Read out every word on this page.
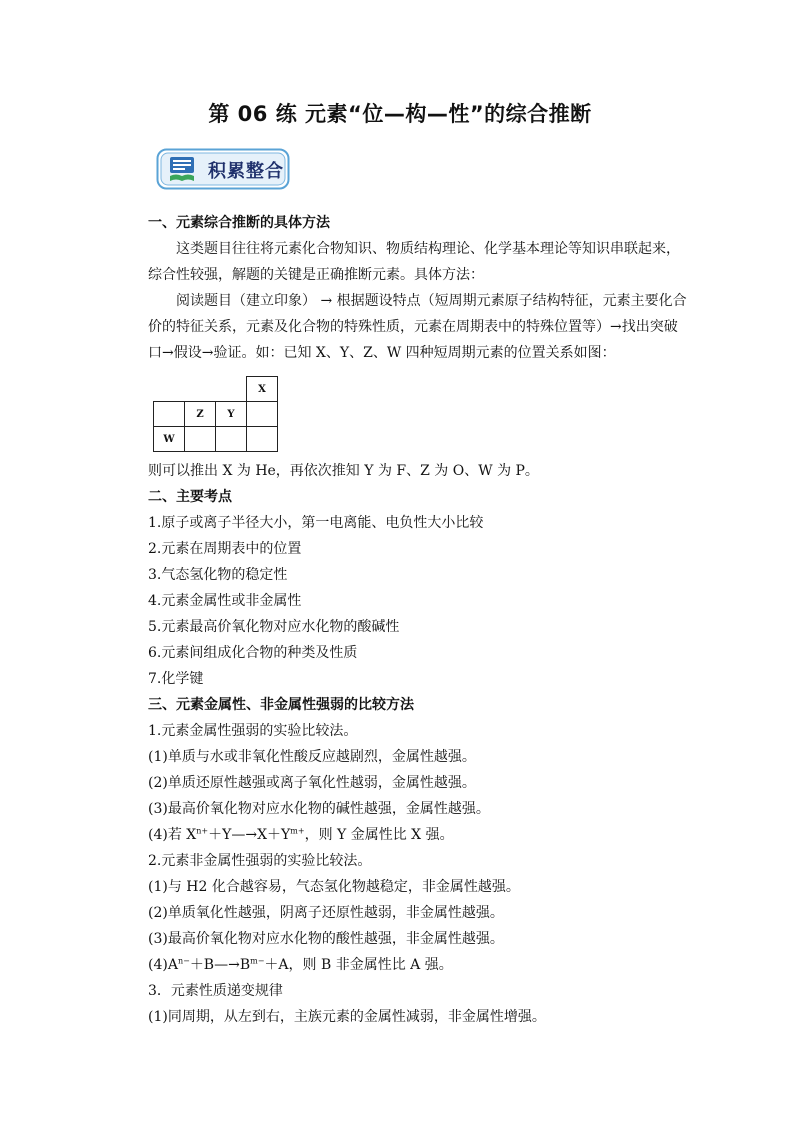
第 06 练 元素“位—构—性”的综合推断
积累整合
一、元素综合推断的具体方法
这类题目往往将元素化合物知识、物质结构理论、化学基本理论等知识串联起来，综合性较强，解题的关键是正确推断元素。具体方法：
阅读题目（建立印象） → 根据题设特点（短周期元素原子结构特征，元素主要化合价的特征关系，元素及化合物的特殊性质，元素在周期表中的特殊位置等）→找出突破口→假设→验证。如：已知 X、Y、Z、W 四种短周期元素的位置关系如图：
			X
	Z	Y	
W			
则可以推出 X 为 He，再依次推知 Y 为 F、Z 为 O、W 为 P。
二、主要考点
1.原子或离子半径大小，第一电离能、电负性大小比较
2.元素在周期表中的位置
3.气态氢化物的稳定性
4.元素金属性或非金属性
5.元素最高价氧化物对应水化物的酸碱性
6.元素间组成化合物的种类及性质
7.化学键
三、元素金属性、非金属性强弱的比较方法
1.元素金属性强弱的实验比较法。
(1)单质与水或非氧化性酸反应越剧烈，金属性越强。
(2)单质还原性越强或离子氧化性越弱，金属性越强。
(3)最高价氧化物对应水化物的碱性越强，金属性越强。
(4)若 $X^{n+}+Y—\to X+Y^{m+}$，则 Y 金属性比 X 强。
2.元素非金属性强弱的实验比较法。
(1)与 H2 化合越容易，气态氢化物越稳定，非金属性越强。
(2)单质氧化性越强，阴离子还原性越弱，非金属性越强。
(3)最高价氧化物对应水化物的酸性越强，非金属性越强。
$(4)A^{n-}+B—\to B^{m-}+A$，则 B 非金属性比 A 强。
3．元素性质递变规律
(1)同周期，从左到右，主族元素的金属性减弱，非金属性增强。
